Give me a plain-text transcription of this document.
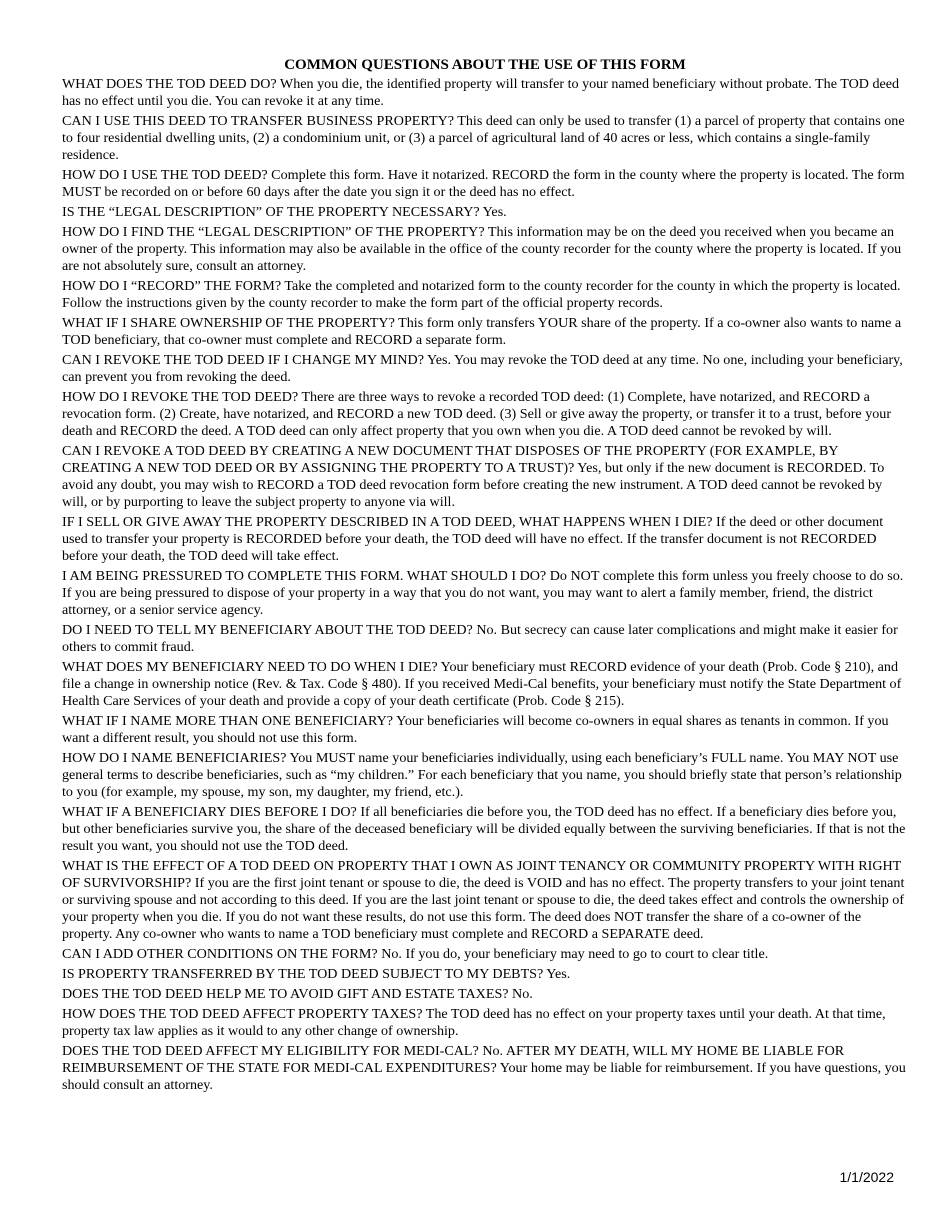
COMMON QUESTIONS ABOUT THE USE OF THIS FORM

WHAT DOES THE TOD DEED DO? When you die, the identified property will transfer to your named beneficiary without probate. The TOD deed has no effect until you die. You can revoke it at any time.

CAN I USE THIS DEED TO TRANSFER BUSINESS PROPERTY? This deed can only be used to transfer (1) a parcel of property that contains one to four residential dwelling units, (2) a condominium unit, or (3) a parcel of agricultural land of 40 acres or less, which contains a single-family residence.

HOW DO I USE THE TOD DEED? Complete this form. Have it notarized. RECORD the form in the county where the property is located. The form MUST be recorded on or before 60 days after the date you sign it or the deed has no effect.

IS THE “LEGAL DESCRIPTION” OF THE PROPERTY NECESSARY? Yes.

HOW DO I FIND THE “LEGAL DESCRIPTION” OF THE PROPERTY? This information may be on the deed you received when you became an owner of the property. This information may also be available in the office of the county recorder for the county where the property is located. If you are not absolutely sure, consult an attorney.

HOW DO I “RECORD” THE FORM? Take the completed and notarized form to the county recorder for the county in which the property is located. Follow the instructions given by the county recorder to make the form part of the official property records.

WHAT IF I SHARE OWNERSHIP OF THE PROPERTY? This form only transfers YOUR share of the property. If a co-owner also wants to name a TOD beneficiary, that co-owner must complete and RECORD a separate form.

CAN I REVOKE THE TOD DEED IF I CHANGE MY MIND? Yes. You may revoke the TOD deed at any time. No one, including your beneficiary, can prevent you from revoking the deed.

HOW DO I REVOKE THE TOD DEED? There are three ways to revoke a recorded TOD deed: (1) Complete, have notarized, and RECORD a revocation form. (2) Create, have notarized, and RECORD a new TOD deed. (3) Sell or give away the property, or transfer it to a trust, before your death and RECORD the deed. A TOD deed can only affect property that you own when you die. A TOD deed cannot be revoked by will.

CAN I REVOKE A TOD DEED BY CREATING A NEW DOCUMENT THAT DISPOSES OF THE PROPERTY (FOR EXAMPLE, BY CREATING A NEW TOD DEED OR BY ASSIGNING THE PROPERTY TO A TRUST)? Yes, but only if the new document is RECORDED. To avoid any doubt, you may wish to RECORD a TOD deed revocation form before creating the new instrument. A TOD deed cannot be revoked by will, or by purporting to leave the subject property to anyone via will.

IF I SELL OR GIVE AWAY THE PROPERTY DESCRIBED IN A TOD DEED, WHAT HAPPENS WHEN I DIE? If the deed or other document used to transfer your property is RECORDED before your death, the TOD deed will have no effect. If the transfer document is not RECORDED before your death, the TOD deed will take effect.

I AM BEING PRESSURED TO COMPLETE THIS FORM. WHAT SHOULD I DO? Do NOT complete this form unless you freely choose to do so. If you are being pressured to dispose of your property in a way that you do not want, you may want to alert a family member, friend, the district attorney, or a senior service agency.

DO I NEED TO TELL MY BENEFICIARY ABOUT THE TOD DEED? No. But secrecy can cause later complications and might make it easier for others to commit fraud.

WHAT DOES MY BENEFICIARY NEED TO DO WHEN I DIE? Your beneficiary must RECORD evidence of your death (Prob. Code § 210), and file a change in ownership notice (Rev. & Tax. Code § 480). If you received Medi-Cal benefits, your beneficiary must notify the State Department of Health Care Services of your death and provide a copy of your death certificate (Prob. Code § 215).

WHAT IF I NAME MORE THAN ONE BENEFICIARY? Your beneficiaries will become co-owners in equal shares as tenants in common. If you want a different result, you should not use this form.

HOW DO I NAME BENEFICIARIES? You MUST name your beneficiaries individually, using each beneficiary’s FULL name. You MAY NOT use general terms to describe beneficiaries, such as “my children.” For each beneficiary that you name, you should briefly state that person’s relationship to you (for example, my spouse, my son, my daughter, my friend, etc.).

WHAT IF A BENEFICIARY DIES BEFORE I DO? If all beneficiaries die before you, the TOD deed has no effect. If a beneficiary dies before you, but other beneficiaries survive you, the share of the deceased beneficiary will be divided equally between the surviving beneficiaries. If that is not the result you want, you should not use the TOD deed.

WHAT IS THE EFFECT OF A TOD DEED ON PROPERTY THAT I OWN AS JOINT TENANCY OR COMMUNITY PROPERTY WITH RIGHT OF SURVIVORSHIP? If you are the first joint tenant or spouse to die, the deed is VOID and has no effect. The property transfers to your joint tenant or surviving spouse and not according to this deed. If you are the last joint tenant or spouse to die, the deed takes effect and controls the ownership of your property when you die. If you do not want these results, do not use this form. The deed does NOT transfer the share of a co-owner of the property. Any co-owner who wants to name a TOD beneficiary must complete and RECORD a SEPARATE deed.

CAN I ADD OTHER CONDITIONS ON THE FORM? No. If you do, your beneficiary may need to go to court to clear title.

IS PROPERTY TRANSFERRED BY THE TOD DEED SUBJECT TO MY DEBTS? Yes.

DOES THE TOD DEED HELP ME TO AVOID GIFT AND ESTATE TAXES? No.

HOW DOES THE TOD DEED AFFECT PROPERTY TAXES? The TOD deed has no effect on your property taxes until your death. At that time, property tax law applies as it would to any other change of ownership.

DOES THE TOD DEED AFFECT MY ELIGIBILITY FOR MEDI-CAL? No. AFTER MY DEATH, WILL MY HOME BE LIABLE FOR REIMBURSEMENT OF THE STATE FOR MEDI-CAL EXPENDITURES? Your home may be liable for reimbursement. If you have questions, you should consult an attorney.

1/1/2022
